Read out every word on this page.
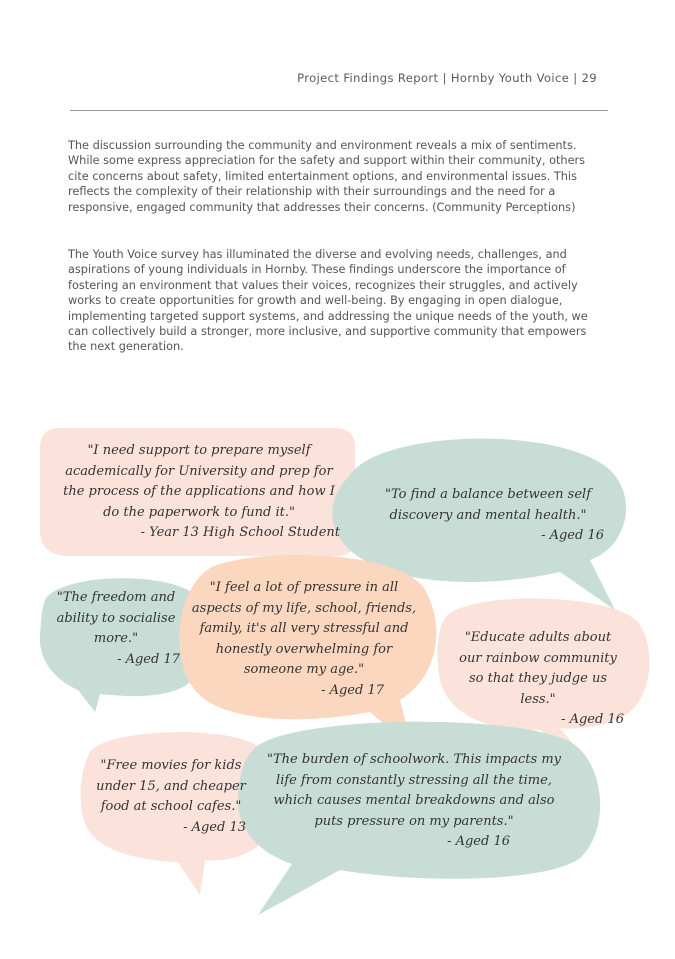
Project Findings Report | Hornby Youth Voice | 29

The discussion surrounding the community and environment reveals a mix of sentiments. While some express appreciation for the safety and support within their community, others cite concerns about safety, limited entertainment options, and environmental issues. This reflects the complexity of their relationship with their surroundings and the need for a responsive, engaged community that addresses their concerns. (Community Perceptions)

The Youth Voice survey has illuminated the diverse and evolving needs, challenges, and aspirations of young individuals in Hornby. These findings underscore the importance of fostering an environment that values their voices, recognizes their struggles, and actively works to create opportunities for growth and well-being. By engaging in open dialogue, implementing targeted support systems, and addressing the unique needs of the youth, we can collectively build a stronger, more inclusive, and supportive community that empowers the next generation.

"I need support to prepare myself academically for University and prep for the process of the applications and how I do the paperwork to fund it."
- Year 13 High School Student
"To find a balance between self discovery and mental health."
- Aged 16
"The freedom and ability to socialise more."
- Aged 17
"I feel a lot of pressure in all aspects of my life, school, friends, family, it's all very stressful and honestly overwhelming for someone my age."
- Aged 17
"Educate adults about our rainbow community so that they judge us less."
- Aged 16
"Free movies for kids under 15, and cheaper food at school cafes."
- Aged 13
"The burden of schoolwork. This impacts my life from constantly stressing all the time, which causes mental breakdowns and also puts pressure on my parents."
- Aged 16
